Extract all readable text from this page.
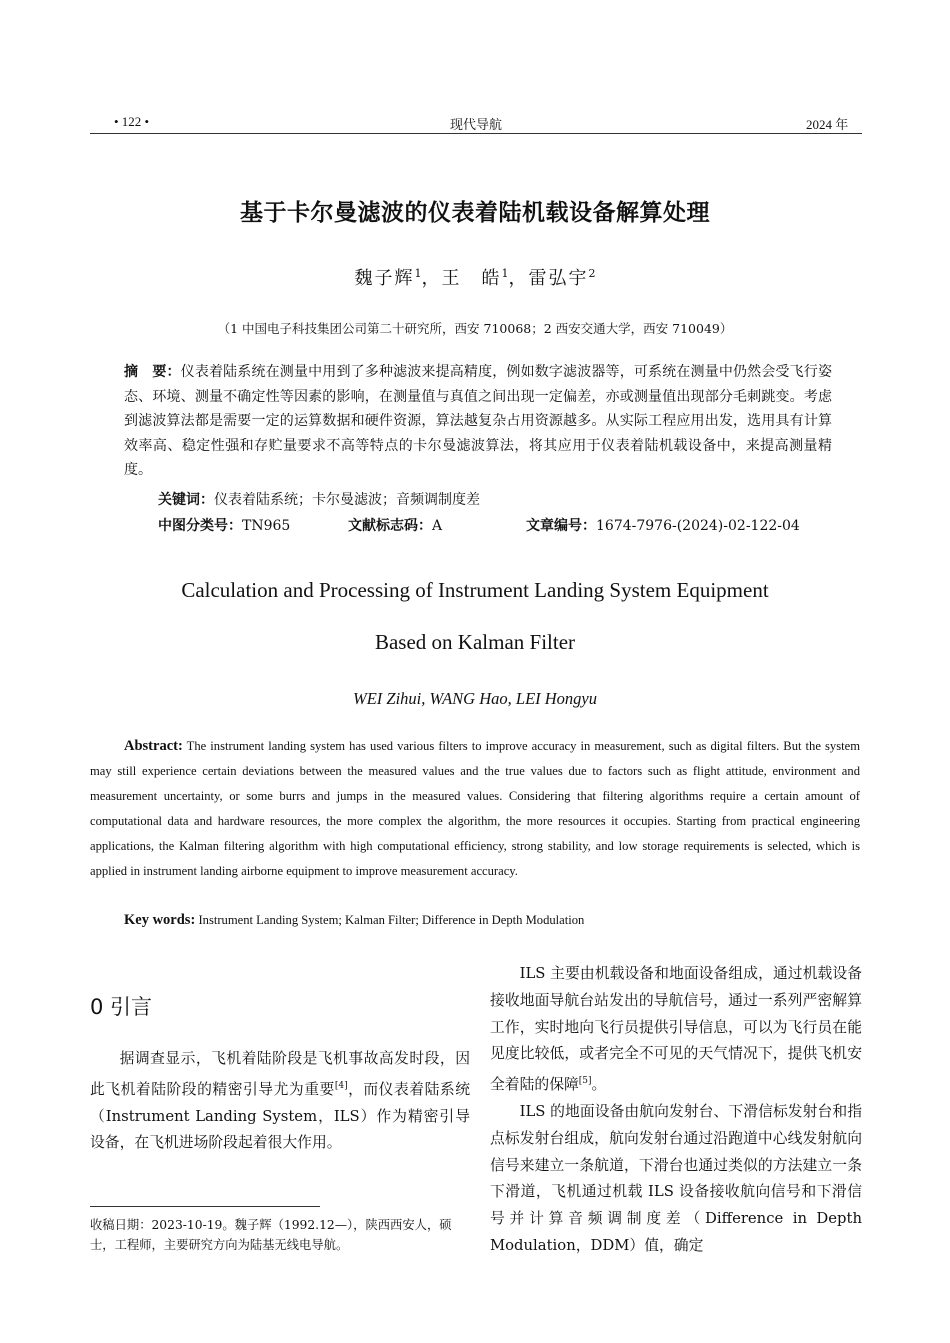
• 122 •	现代导航	2024 年
基于卡尔曼滤波的仪表着陆机载设备解算处理
魏子辉$^1$，王　皓$^1$，雷弘宇$^2$
（1 中国电子科技集团公司第二十研究所，西安 710068；2 西安交通大学，西安 710049）
摘　要：仪表着陆系统在测量中用到了多种滤波来提高精度，例如数字滤波器等，可系统在测量中仍然会受飞行姿态、环境、测量不确定性等因素的影响，在测量值与真值之间出现一定偏差，亦或测量值出现部分毛刺跳变。考虑到滤波算法都是需要一定的运算数据和硬件资源，算法越复杂占用资源越多。从实际工程应用出发，选用具有计算效率高、稳定性强和存贮量要求不高等特点的卡尔曼滤波算法，将其应用于仪表着陆机载设备中，来提高测量精度。
关键词：仪表着陆系统；卡尔曼滤波；音频调制度差
中图分类号：TN965	文献标志码：A	文章编号：1674-7976-(2024)-02-122-04
Calculation and Processing of Instrument Landing System Equipment
Based on Kalman Filter
WEI Zihui, WANG Hao, LEI Hongyu
Abstract: The instrument landing system has used various filters to improve accuracy in measurement, such as digital filters. But the system may still experience certain deviations between the measured values and the true values due to factors such as flight attitude, environment and measurement uncertainty, or some burrs and jumps in the measured values. Considering that filtering algorithms require a certain amount of computational data and hardware resources, the more complex the algorithm, the more resources it occupies. Starting from practical engineering applications, the Kalman filtering algorithm with high computational efficiency, strong stability, and low storage requirements is selected, which is applied in instrument landing airborne equipment to improve measurement accuracy.
Key words: Instrument Landing System; Kalman Filter; Difference in Depth Modulation
0 引言

据调查显示，飞机着陆阶段是飞机事故高发时段，因此飞机着陆阶段的精密引导尤为重要[4]，而仪表着陆系统（Instrument Landing System，ILS）作为精密引导设备，在飞机进场阶段起着很大作用。

ILS 主要由机载设备和地面设备组成，通过机载设备接收地面导航台站发出的导航信号，通过一系列严密解算工作，实时地向飞行员提供引导信息，可以为飞行员在能见度比较低，或者完全不可见的天气情况下，提供飞机安全着陆的保障[5]。

ILS 的地面设备由航向发射台、下滑信标发射台和指点标发射台组成，航向发射台通过沿跑道中心线发射航向信号来建立一条航道，下滑台也通过类似的方法建立一条下滑道，飞机通过机载 ILS 设备接收航向信号和下滑信号并计算音频调制度差（Difference in Depth Modulation，DDM）值，确定

收稿日期：2023-10-19。魏子辉（1992.12—），陕西西安人，硕士，工程师，主要研究方向为陆基无线电导航。
